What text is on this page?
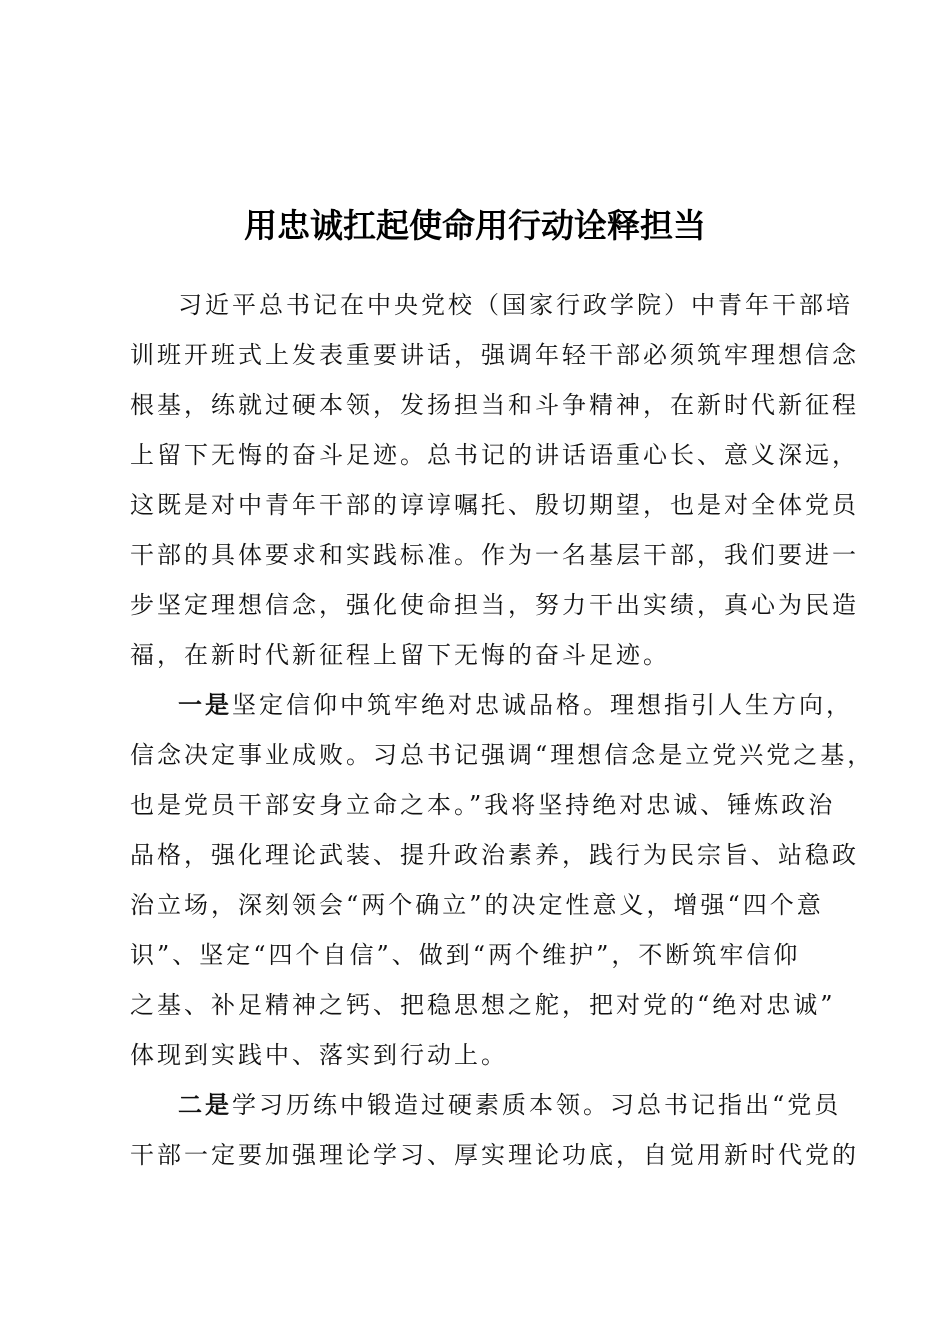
用忠诚扛起使命用行动诠释担当
习近平总书记在中央党校（国家行政学院）中青年干部培
训班开班式上发表重要讲话，强调年轻干部必须筑牢理想信念
根基，练就过硬本领，发扬担当和斗争精神，在新时代新征程
上留下无悔的奋斗足迹。总书记的讲话语重心长、意义深远，
这既是对中青年干部的谆谆嘱托、殷切期望，也是对全体党员
干部的具体要求和实践标准。作为一名基层干部，我们要进一
步坚定理想信念，强化使命担当，努力干出实绩，真心为民造
福，在新时代新征程上留下无悔的奋斗足迹。
一是坚定信仰中筑牢绝对忠诚品格。理想指引人生方向，
信念决定事业成败。习总书记强调“理想信念是立党兴党之基，
也是党员干部安身立命之本。”我将坚持绝对忠诚、锤炼政治
品格，强化理论武装、提升政治素养，践行为民宗旨、站稳政
治立场，深刻领会“两个确立”的决定性意义，增强“四个意
识”、坚定“四个自信”、做到“两个维护”，不断筑牢信仰
之基、补足精神之钙、把稳思想之舵，把对党的“绝对忠诚”
体现到实践中、落实到行动上。
二是学习历练中锻造过硬素质本领。习总书记指出“党员
干部一定要加强理论学习、厚实理论功底，自觉用新时代党的
